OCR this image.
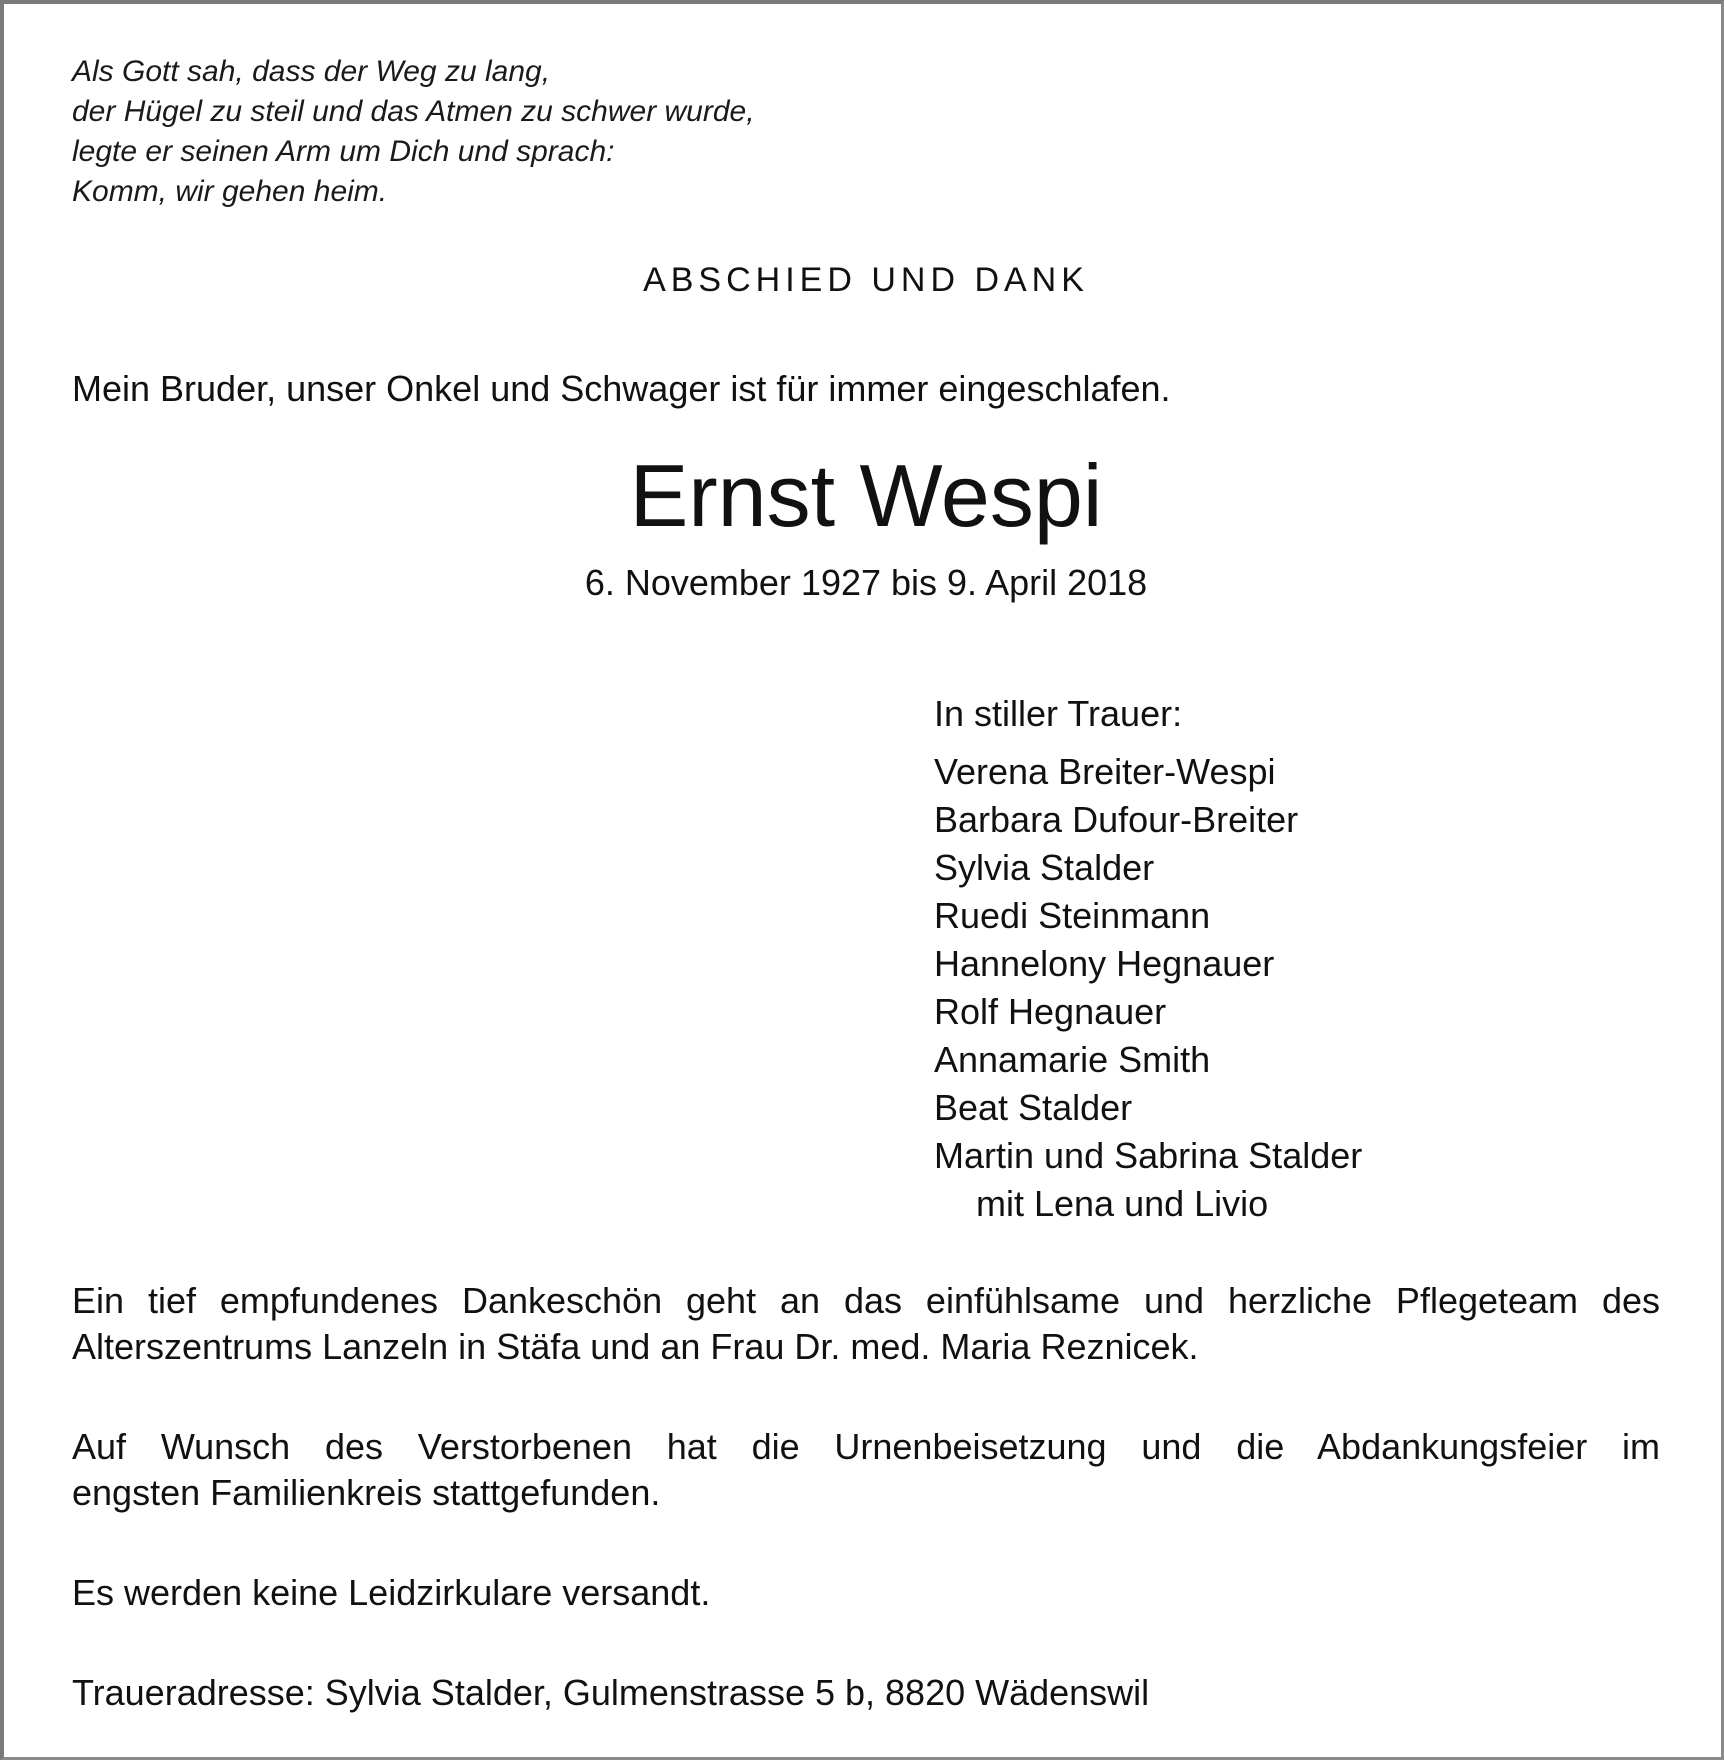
Als Gott sah, dass der Weg zu lang,
der Hügel zu steil und das Atmen zu schwer wurde,
legte er seinen Arm um Dich und sprach:
Komm, wir gehen heim.
ABSCHIED UND DANK
Mein Bruder, unser Onkel und Schwager ist für immer eingeschlafen.
Ernst Wespi
6. November 1927 bis 9. April 2018
In stiller Trauer:
Verena Breiter-Wespi
Barbara Dufour-Breiter
Sylvia Stalder
Ruedi Steinmann
Hannelony Hegnauer
Rolf Hegnauer
Annamarie Smith
Beat Stalder
Martin und Sabrina Stalder
mit Lena und Livio
Ein tief empfundenes Dankeschön geht an das einfühlsame und herzliche Pflegeteam des
Alterszentrums Lanzeln in Stäfa und an Frau Dr. med. Maria Reznicek.
Auf Wunsch des Verstorbenen hat die Urnenbeisetzung und die Abdankungsfeier im
engsten Familienkreis stattgefunden.
Es werden keine Leidzirkulare versandt.
Traueradresse: Sylvia Stalder, Gulmenstrasse 5 b, 8820 Wädenswil
